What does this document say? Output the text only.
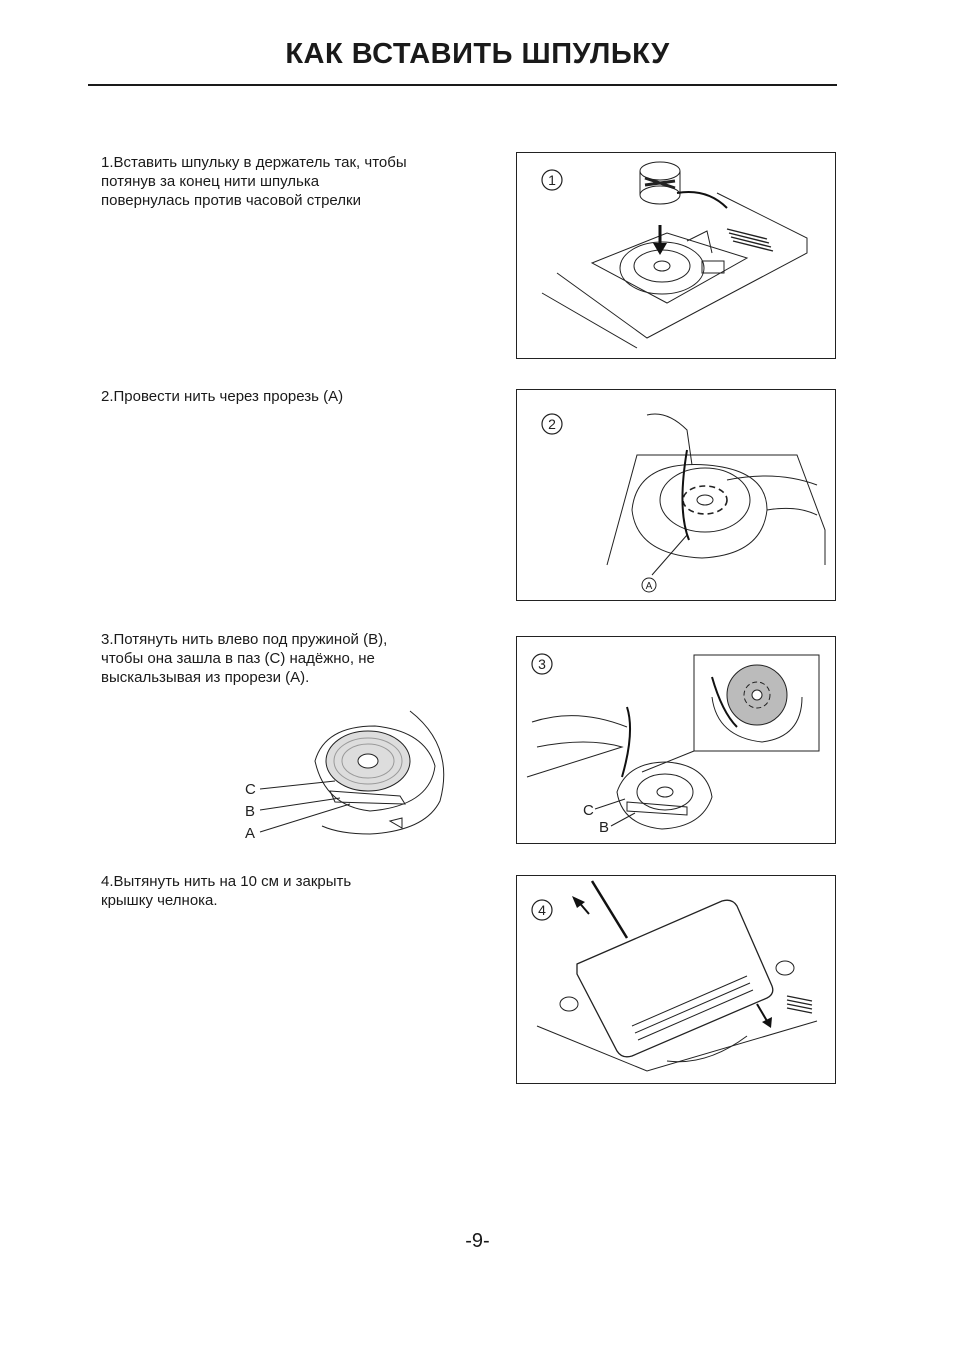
КАК ВСТАВИТЬ ШПУЛЬКУ
1.Вставить шпульку в держатель так, чтобы
потянув за конец нити шпулька
повернулась против часовой стрелки
1
2.Провести нить через прорезь (A)
2
A
3.Потянуть нить влево под пружиной (B),
чтобы она зашла в паз (C) надёжно, не
выскальзывая из прорези (A).
C
B
A
3
C
B
4.Вытянуть нить на 10 см и закрыть
крышку челнока.
4
-9-
